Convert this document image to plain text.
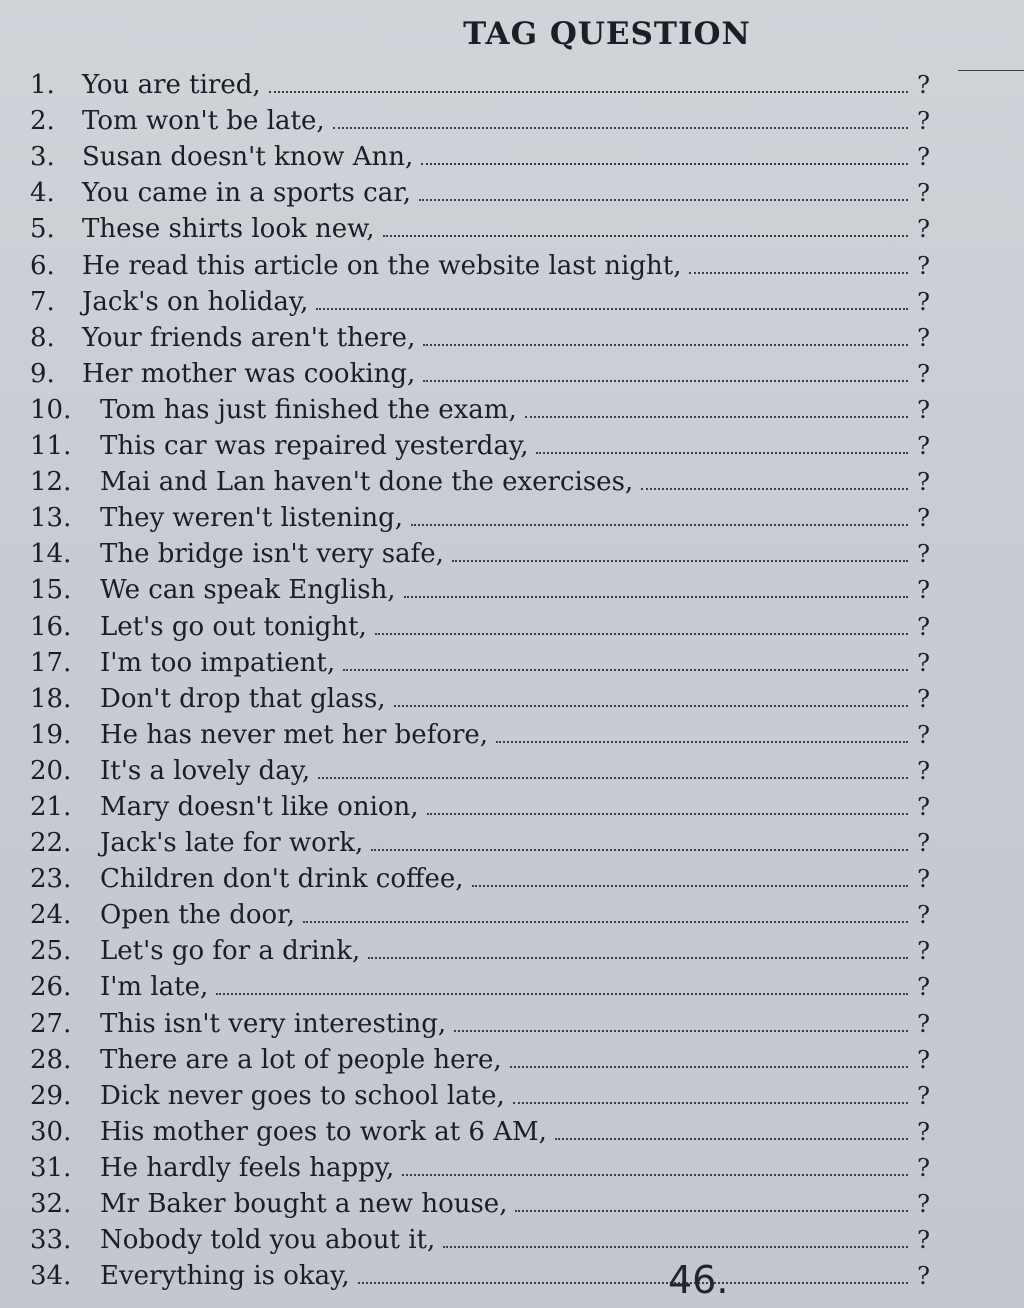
TAG QUESTION
1.	You are tired,	?
2.	Tom won't be late,	?
3.	Susan doesn't know Ann,	?
4.	You came in a sports car,	?
5.	These shirts look new,	?
6.	He read this article on the website last night,	?
7.	Jack's on holiday,	?
8.	Your friends aren't there,	?
9.	Her mother was cooking,	?
10.	Tom has just finished the exam,	?
11.	This car was repaired yesterday,	?
12.	Mai and Lan haven't done the exercises,	?
13.	They weren't listening,	?
14.	The bridge isn't very safe,	?
15.	We can speak English,	?
16.	Let's go out tonight,	?
17.	I'm too impatient,	?
18.	Don't drop that glass,	?
19.	He has never met her before,	?
20.	It's a lovely day,	?
21.	Mary doesn't like onion,	?
22.	Jack's late for work,	?
23.	Children don't drink coffee,	?
24.	Open the door,	?
25.	Let's go for a drink,	?
26.	I'm late,	?
27.	This isn't very interesting,	?
28.	There are a lot of people here,	?
29.	Dick never goes to school late,	?
30.	His mother goes to work at 6 AM,	?
31.	He hardly feels happy,	?
32.	Mr Baker bought a new house,	?
33.	Nobody told you about it,	?
34.	Everything is okay,	?
46.
